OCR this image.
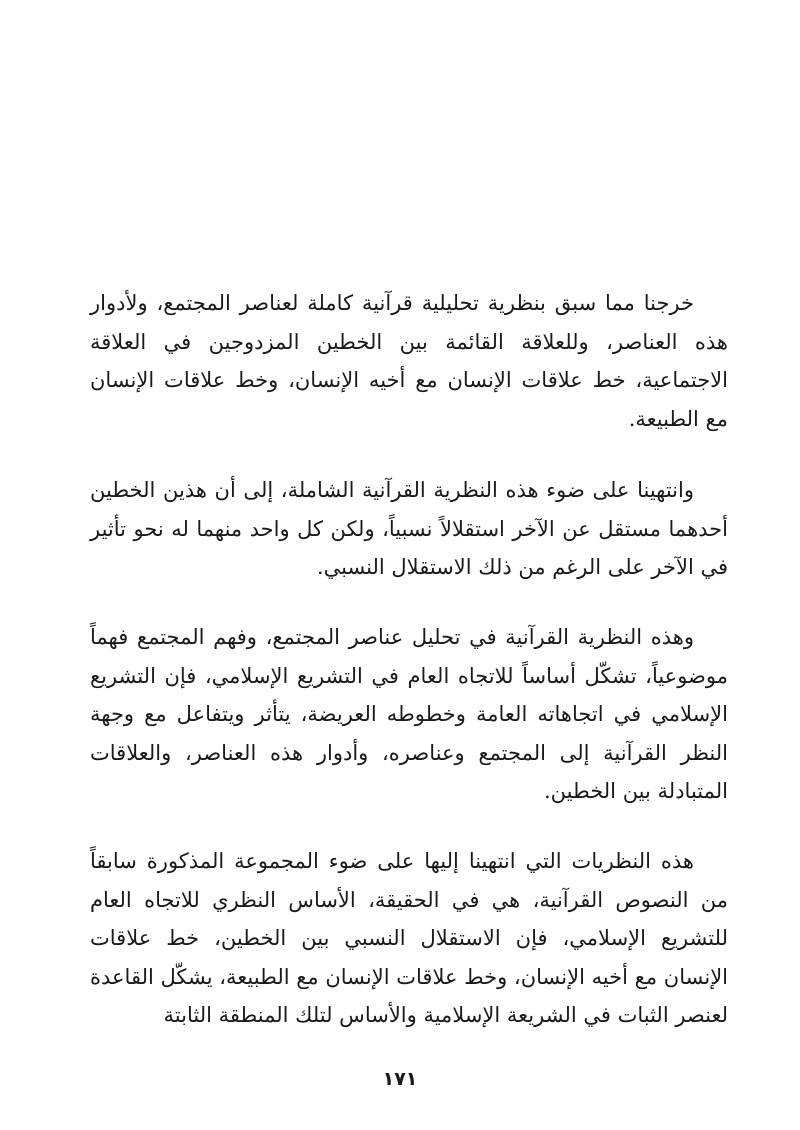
خرجنا مما سبق بنظرية تحليلية قرآنية كاملة لعناصر المجتمع، ولأدوار هذه العناصر، وللعلاقة القائمة بين الخطين المزدوجين في العلاقة الاجتماعية، خط علاقات الإنسان مع أخيه الإنسان، وخط علاقات الإنسان مع الطبيعة.

وانتهينا على ضوء هذه النظرية القرآنية الشاملة، إلى أن هذين الخطين أحدهما مستقل عن الآخر استقلالاً نسبياً، ولكن كل واحد منهما له نحو تأثير في الآخر على الرغم من ذلك الاستقلال النسبي.

وهذه النظرية القرآنية في تحليل عناصر المجتمع، وفهم المجتمع فهماً موضوعياً، تشكّل أساساً للاتجاه العام في التشريع الإسلامي، فإن التشريع الإسلامي في اتجاهاته العامة وخطوطه العريضة، يتأثر ويتفاعل مع وجهة النظر القرآنية إلى المجتمع وعناصره، وأدوار هذه العناصر، والعلاقات المتبادلة بين الخطين.

هذه النظريات التي انتهينا إليها على ضوء المجموعة المذكورة سابقاً من النصوص القرآنية، هي في الحقيقة، الأساس النظري للاتجاه العام للتشريع الإسلامي، فإن الاستقلال النسبي بين الخطين، خط علاقات الإنسان مع أخيه الإنسان، وخط علاقات الإنسان مع الطبيعة، يشكّل القاعدة لعنصر الثبات في الشريعة الإسلامية والأساس لتلك المنطقة الثابتة

١٧١
